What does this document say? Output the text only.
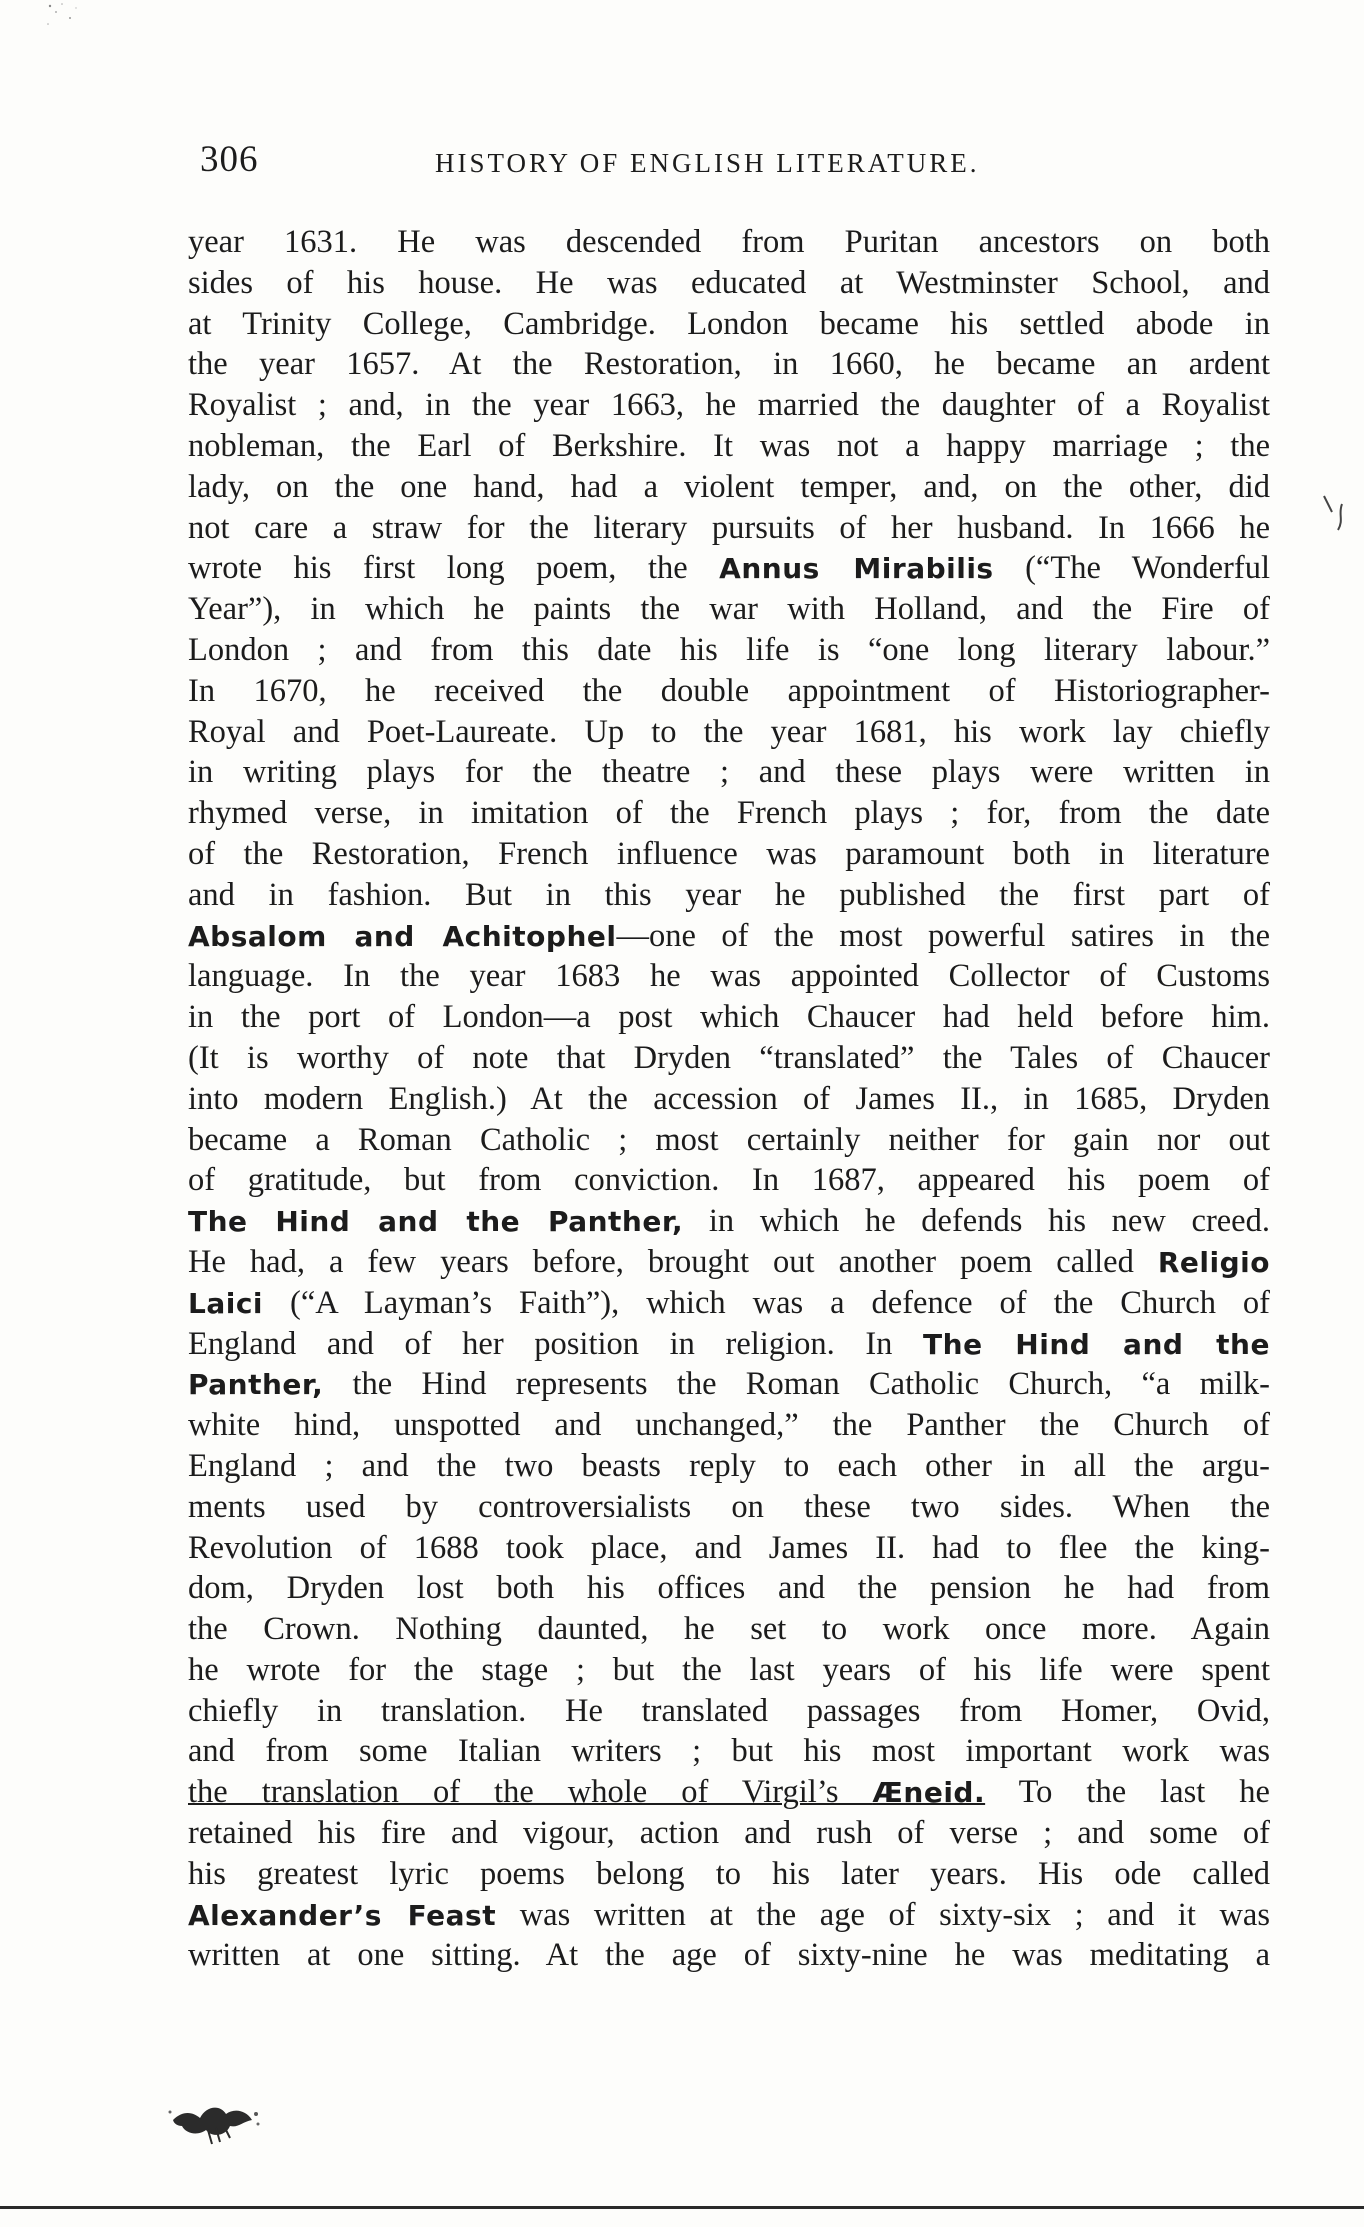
306	HISTORY OF ENGLISH LITERATURE.
year 1631. He was descended from Puritan ancestors on both
sides of his house. He was educated at Westminster School, and
at Trinity College, Cambridge. London became his settled abode in
the year 1657. At the Restoration, in 1660, he became an ardent
Royalist ; and, in the year 1663, he married the daughter of a Royalist
nobleman, the Earl of Berkshire. It was not a happy marriage ; the
lady, on the one hand, had a violent temper, and, on the other, did
not care a straw for the literary pursuits of her husband. In 1666 he
wrote his first long poem, the Annus Mirabilis (“The Wonderful
Year”), in which he paints the war with Holland, and the Fire of
London ; and from this date his life is “one long literary labour.”
In 1670, he received the double appointment of Historiographer-
Royal and Poet-Laureate. Up to the year 1681, his work lay chiefly
in writing plays for the theatre ; and these plays were written in
rhymed verse, in imitation of the French plays ; for, from the date
of the Restoration, French influence was paramount both in literature
and in fashion. But in this year he published the first part of
Absalom and Achitophel—one of the most powerful satires in the
language. In the year 1683 he was appointed Collector of Customs
in the port of London—a post which Chaucer had held before him.
(It is worthy of note that Dryden “translated” the Tales of Chaucer
into modern English.) At the accession of James II., in 1685, Dryden
became a Roman Catholic ; most certainly neither for gain nor out
of gratitude, but from conviction. In 1687, appeared his poem of
The Hind and the Panther, in which he defends his new creed.
He had, a few years before, brought out another poem called Religio
Laici (“A Layman’s Faith”), which was a defence of the Church of
England and of her position in religion. In The Hind and the
Panther, the Hind represents the Roman Catholic Church, “a milk-
white hind, unspotted and unchanged,” the Panther the Church of
England ; and the two beasts reply to each other in all the argu-
ments used by controversialists on these two sides. When the
Revolution of 1688 took place, and James II. had to flee the king-
dom, Dryden lost both his offices and the pension he had from
the Crown. Nothing daunted, he set to work once more. Again
he wrote for the stage ; but the last years of his life were spent
chiefly in translation. He translated passages from Homer, Ovid,
and from some Italian writers ; but his most important work was
the translation of the whole of Virgil’s Æneid. To the last he
retained his fire and vigour, action and rush of verse ; and some of
his greatest lyric poems belong to his later years. His ode called
Alexander’s Feast was written at the age of sixty-six ; and it was
written at one sitting. At the age of sixty-nine he was meditating a
